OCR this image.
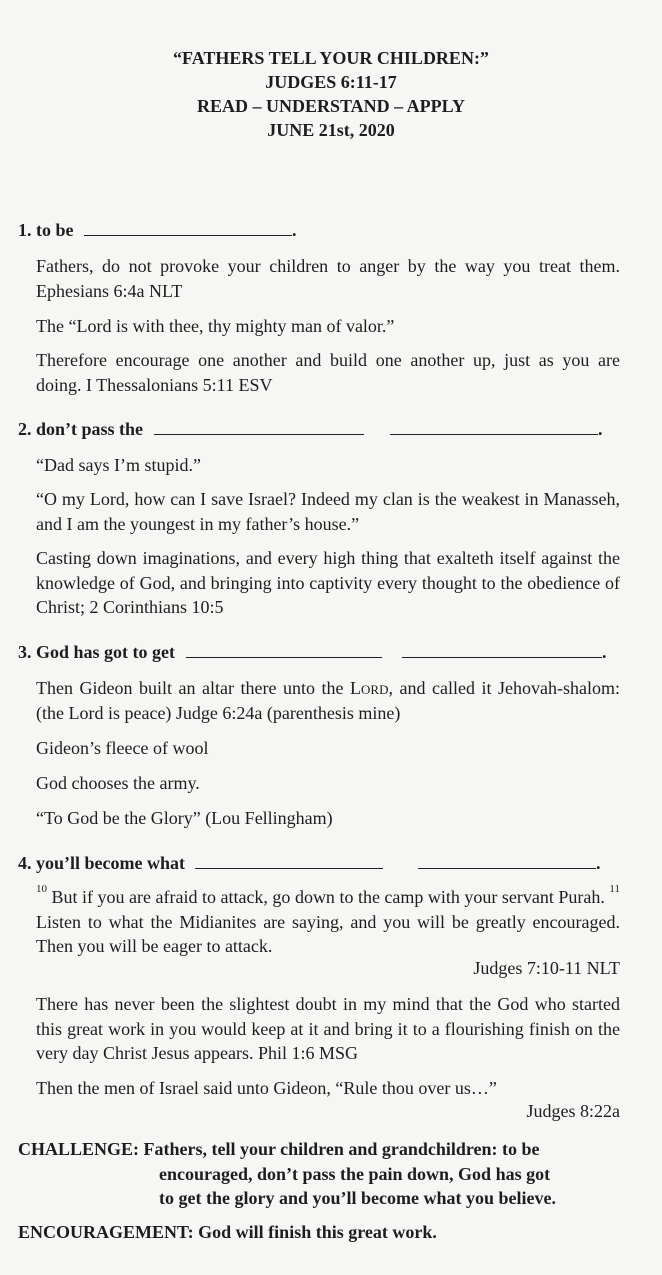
“FATHERS TELL YOUR CHILDREN:”
JUDGES 6:11-17
READ – UNDERSTAND – APPLY
JUNE 21st, 2020
1. to be	.
Fathers, do not provoke your children to anger by the way you treat them. Ephesians 6:4a NLT
The “Lord is with thee, thy mighty man of valor.”
Therefore encourage one another and build one another up, just as you are doing. I Thessalonians 5:11 ESV
2. don’t pass the	.
“Dad says I’m stupid.”
“O my Lord, how can I save Israel? Indeed my clan is the weakest in Manasseh, and I am the youngest in my father’s house.”
Casting down imaginations, and every high thing that exalteth itself against the knowledge of God, and bringing into captivity every thought to the obedience of Christ; 2 Corinthians 10:5
3. God has got to get	.
Then Gideon built an altar there unto the Lord, and called it Jehovah-shalom: (the Lord is peace) Judge 6:24a (parenthesis mine)
Gideon’s fleece of wool
God chooses the army.
“To God be the Glory” (Lou Fellingham)
4. you’ll become what	.
$^{10}$ But if you are afraid to attack, go down to the camp with your servant Purah. $^{11}$ Listen to what the Midianites are saying, and you will be greatly encouraged. Then you will be eager to attack.
Judges 7:10-11 NLT
There has never been the slightest doubt in my mind that the God who started this great work in you would keep at it and bring it to a flourishing finish on the very day Christ Jesus appears. Phil 1:6 MSG
Then the men of Israel said unto Gideon, “Rule thou over us…”
Judges 8:22a
CHALLENGE: Fathers, tell your children and grandchildren: to be
encouraged, don’t pass the pain down, God has got
to get the glory and you’ll become what you believe.
ENCOURAGEMENT: God will finish this great work.
